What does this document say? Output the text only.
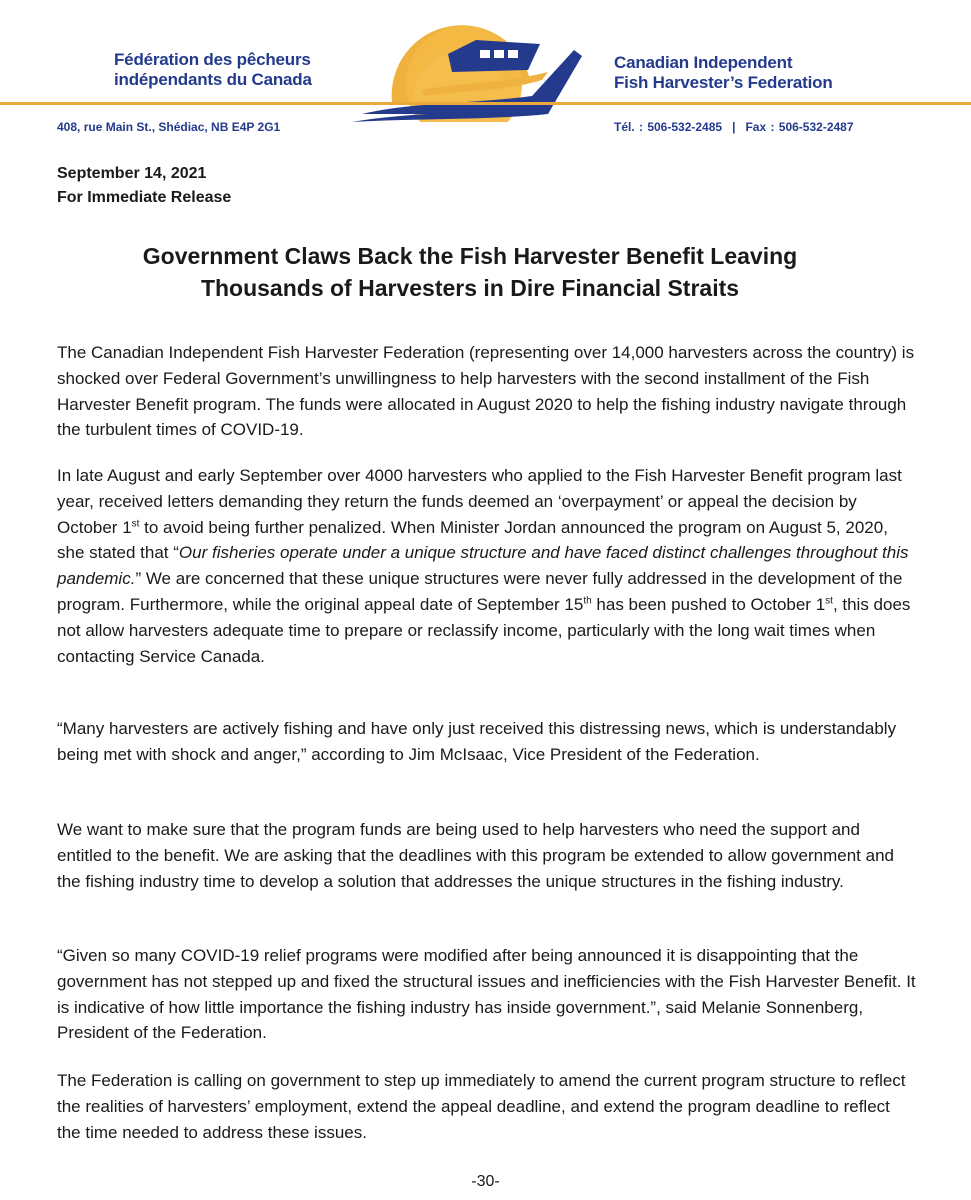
Fédération des pêcheurs
indépendants du Canada
Canadian Independent
Fish Harvester’s Federation
408, rue Main St., Shédiac, NB E4P 2G1	Tél. : 506-532-2485 | Fax : 506-532-2487
September 14, 2021
For Immediate Release
Government Claws Back the Fish Harvester Benefit Leaving
Thousands of Harvesters in Dire Financial Straits

The Canadian Independent Fish Harvester Federation (representing over 14,000 harvesters across the country) is shocked over Federal Government’s unwillingness to help harvesters with the second installment of the Fish Harvester Benefit program. The funds were allocated in August 2020 to help the fishing industry navigate through the turbulent times of COVID-19.

In late August and early September over 4000 harvesters who applied to the Fish Harvester Benefit program last year, received letters demanding they return the funds deemed an ‘overpayment’ or appeal the decision by October 1st to avoid being further penalized. When Minister Jordan announced the program on August 5, 2020, she stated that “Our fisheries operate under a unique structure and have faced distinct challenges throughout this pandemic.” We are concerned that these unique structures were never fully addressed in the development of the program. Furthermore, while the original appeal date of September 15th has been pushed to October 1st, this does not allow harvesters adequate time to prepare or reclassify income, particularly with the long wait times when contacting Service Canada.

“Many harvesters are actively fishing and have only just received this distressing news, which is understandably being met with shock and anger,” according to Jim McIsaac, Vice President of the Federation.

We want to make sure that the program funds are being used to help harvesters who need the support and entitled to the benefit. We are asking that the deadlines with this program be extended to allow government and the fishing industry time to develop a solution that addresses the unique structures in the fishing industry.

“Given so many COVID-19 relief programs were modified after being announced it is disappointing that the government has not stepped up and fixed the structural issues and inefficiencies with the Fish Harvester Benefit. It is indicative of how little importance the fishing industry has inside government.”, said Melanie Sonnenberg, President of the Federation.

The Federation is calling on government to step up immediately to amend the current program structure to reflect the realities of harvesters’ employment, extend the appeal deadline, and extend the program deadline to reflect the time needed to address these issues.

-30-
